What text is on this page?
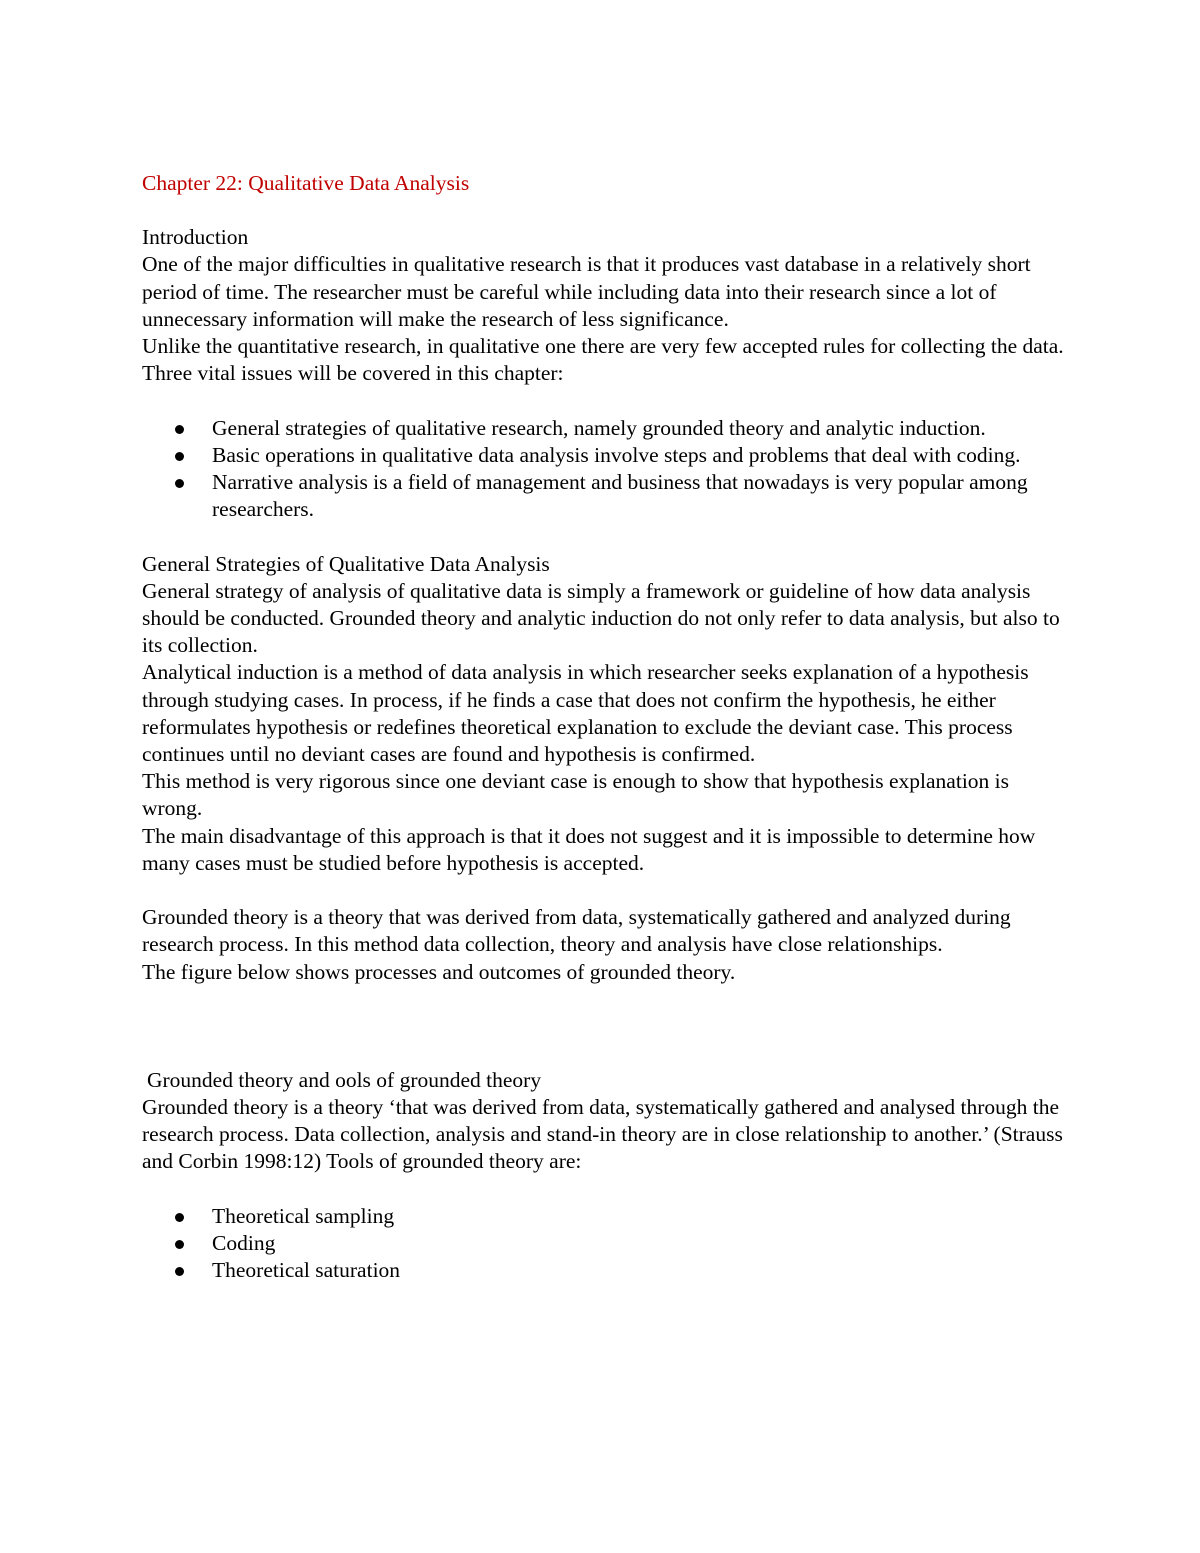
Chapter 22: Qualitative Data Analysis

Introduction

One of the major difficulties in qualitative research is that it produces vast database in a relatively short period of time. The researcher must be careful while including data into their research since a lot of unnecessary information will make the research of less significance.

Unlike the quantitative research, in qualitative one there are very few accepted rules for collecting the data.

Three vital issues will be covered in this chapter:

General strategies of qualitative research, namely grounded theory and analytic induction.
Basic operations in qualitative data analysis involve steps and problems that deal with coding.
Narrative analysis is a field of management and business that nowadays is very popular among researchers.

General Strategies of Qualitative Data Analysis

General strategy of analysis of qualitative data is simply a framework or guideline of how data analysis should be conducted. Grounded theory and analytic induction do not only refer to data analysis, but also to its collection.

Analytical induction is a method of data analysis in which researcher seeks explanation of a hypothesis through studying cases. In process, if he finds a case that does not confirm the hypothesis, he either reformulates hypothesis or redefines theoretical explanation to exclude the deviant case. This process continues until no deviant cases are found and hypothesis is confirmed.

This method is very rigorous since one deviant case is enough to show that hypothesis explanation is wrong.

The main disadvantage of this approach is that it does not suggest and it is impossible to determine how many cases must be studied before hypothesis is accepted.

Grounded theory is a theory that was derived from data, systematically gathered and analyzed during research process. In this method data collection, theory and analysis have close relationships.

The figure below shows processes and outcomes of grounded theory.

Grounded theory and ools of grounded theory

Grounded theory is a theory ‘that was derived from data, systematically gathered and analysed through the research process. Data collection, analysis and stand-in theory are in close relationship to another.’ (Strauss and Corbin 1998:12) Tools of grounded theory are:

Theoretical sampling
Coding
Theoretical saturation
